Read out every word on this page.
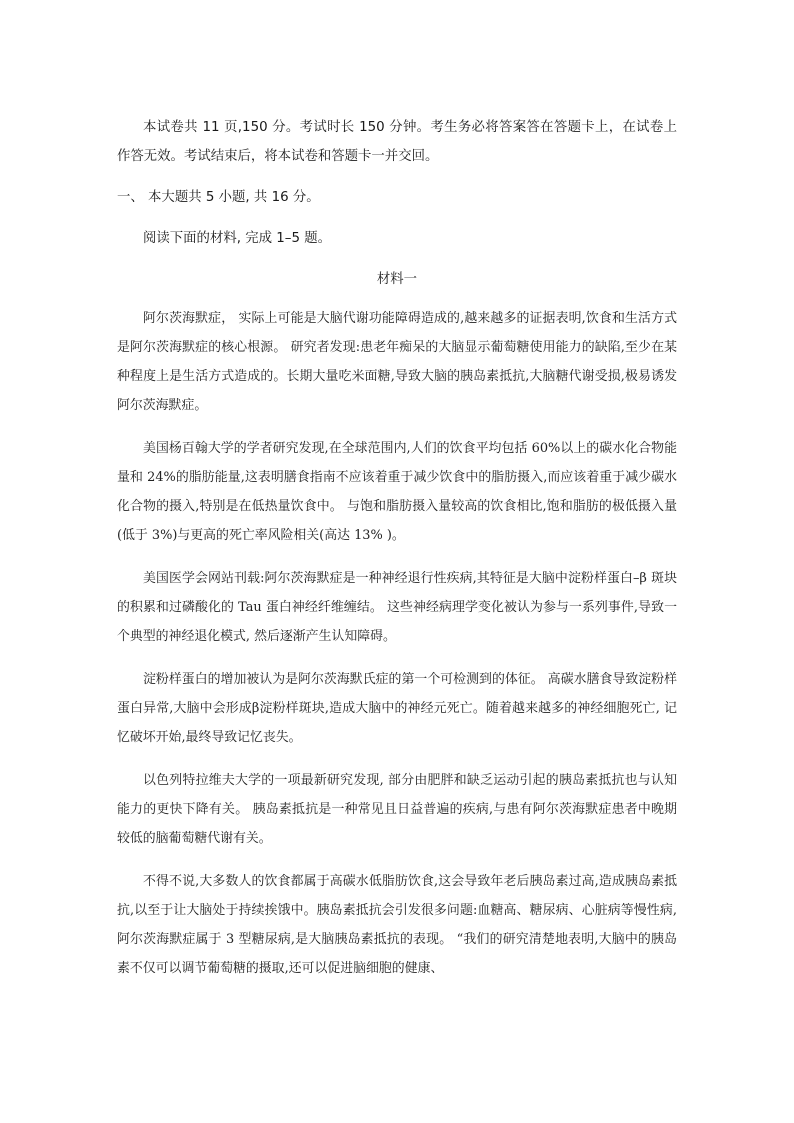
本试卷共 11 页,150 分。考试时长 150 分钟。考生务必将答案答在答题卡上，在试卷上作答无效。考试结束后，将本试卷和答题卡一并交回。

一、 本大题共 5 小题, 共 16 分。

阅读下面的材料, 完成 1–5 题。

材料一

阿尔茨海默症， 实际上可能是大脑代谢功能障碍造成的,越来越多的证据表明,饮食和生活方式是阿尔茨海默症的核心根源。 研究者发现:患老年痴呆的大脑显示葡萄糖使用能力的缺陷,至少在某种程度上是生活方式造成的。长期大量吃米面糖,导致大脑的胰岛素抵抗,大脑糖代谢受损,极易诱发阿尔茨海默症。

美国杨百翰大学的学者研究发现,在全球范围内,人们的饮食平均包括 60%以上的碳水化合物能量和 24%的脂肪能量,这表明膳食指南不应该着重于减少饮食中的脂肪摄入,而应该着重于减少碳水化合物的摄入,特别是在低热量饮食中。 与饱和脂肪摄入量较高的饮食相比,饱和脂肪的极低摄入量(低于 3%)与更高的死亡率风险相关(高达 13% )。

美国医学会网站刊载:阿尔茨海默症是一种神经退行性疾病,其特征是大脑中淀粉样蛋白–β 斑块的积累和过磷酸化的 Tau 蛋白神经纤维缠结。 这些神经病理学变化被认为参与一系列事件,导致一个典型的神经退化模式, 然后逐渐产生认知障碍。

淀粉样蛋白的增加被认为是阿尔茨海默氏症的第一个可检测到的体征。 高碳水膳食导致淀粉样蛋白异常,大脑中会形成β淀粉样斑块,造成大脑中的神经元死亡。随着越来越多的神经细胞死亡, 记忆破坏开始,最终导致记忆丧失。

以色列特拉维夫大学的一项最新研究发现, 部分由肥胖和缺乏运动引起的胰岛素抵抗也与认知能力的更快下降有关。 胰岛素抵抗是一种常见且日益普遍的疾病,与患有阿尔茨海默症患者中晚期较低的脑葡萄糖代谢有关。

不得不说,大多数人的饮食都属于高碳水低脂肪饮食,这会导致年老后胰岛素过高,造成胰岛素抵抗,以至于让大脑处于持续挨饿中。胰岛素抵抗会引发很多问题:血糖高、糖尿病、心脏病等慢性病,阿尔茨海默症属于 3 型糖尿病,是大脑胰岛素抵抗的表现。 “我们的研究清楚地表明,大脑中的胰岛素不仅可以调节葡萄糖的摄取,还可以促进脑细胞的健康、
